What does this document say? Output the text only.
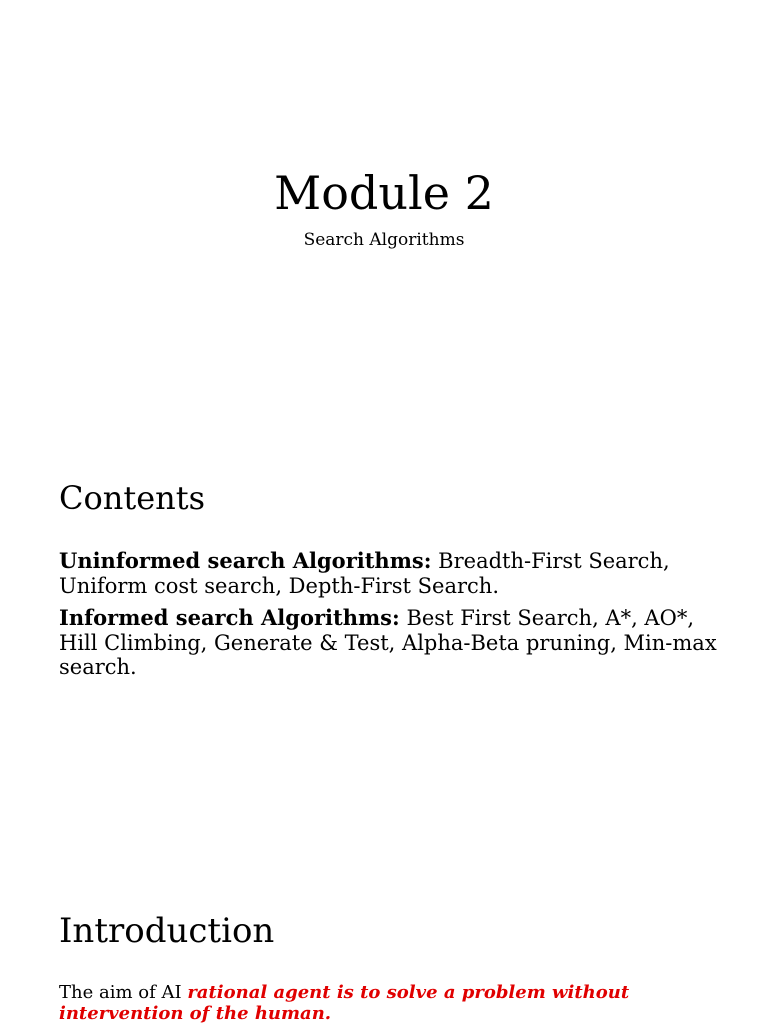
Module 2

Search Algorithms

Contents

Uninformed search Algorithms: Breadth-First Search, Uniform cost search, Depth-First Search.

Informed search Algorithms: Best First Search, A*, AO*, Hill Climbing, Generate & Test, Alpha-Beta pruning, Min-max search.

Introduction

The aim of AI rational agent is to solve a problem without intervention of the human.
